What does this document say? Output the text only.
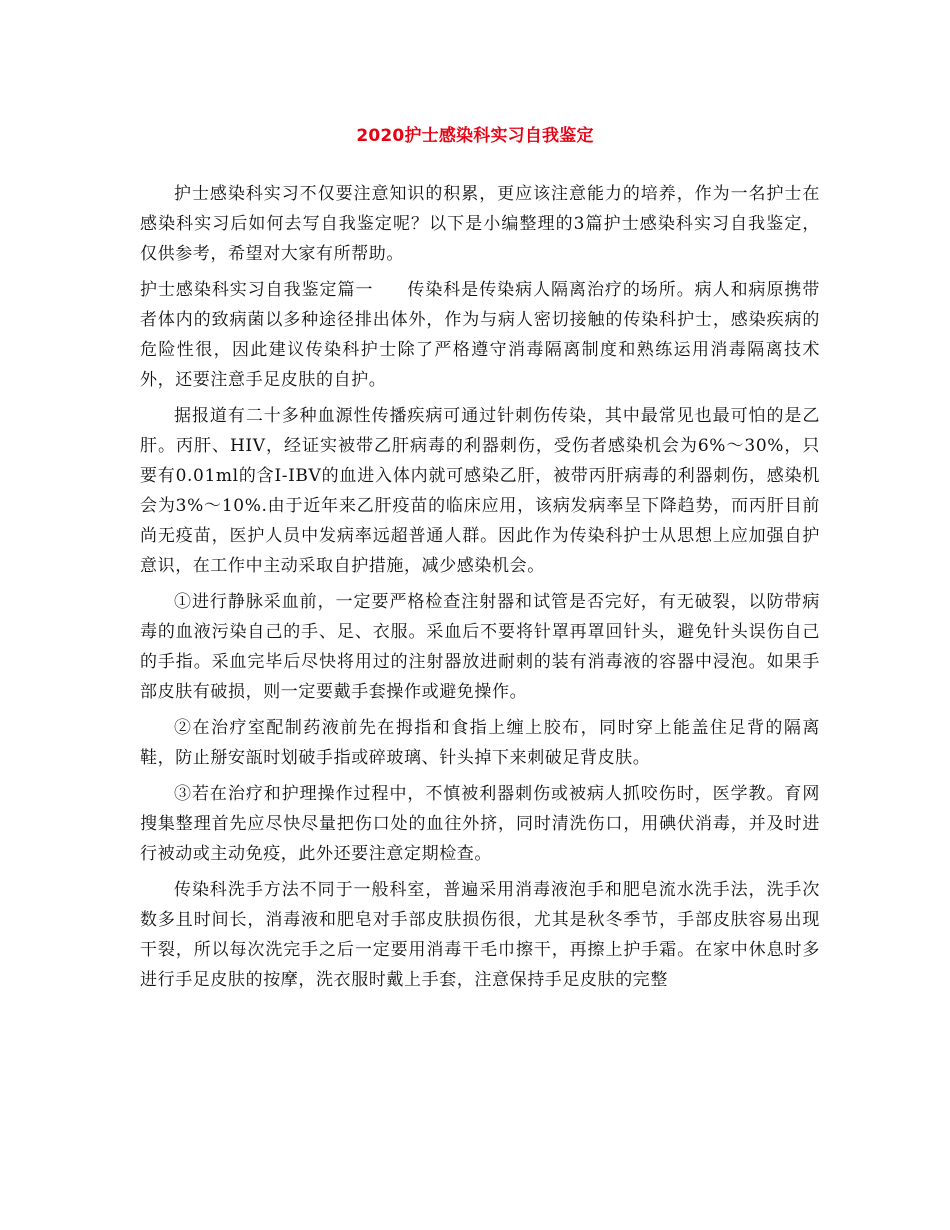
2020护士感染科实习自我鉴定

护士感染科实习不仅要注意知识的积累，更应该注意能力的培养，作为一名护士在感染科实习后如何去写自我鉴定呢？以下是小编整理的3篇护士感染科实习自我鉴定，仅供参考，希望对大家有所帮助。

护士感染科实习自我鉴定篇一 传染科是传染病人隔离治疗的场所。病人和病原携带者体内的致病菌以多种途径排出体外，作为与病人密切接触的传染科护士，感染疾病的危险性很，因此建议传染科护士除了严格遵守消毒隔离制度和熟练运用消毒隔离技术外，还要注意手足皮肤的自护。

据报道有二十多种血源性传播疾病可通过针刺伤传染，其中最常见也最可怕的是乙肝。丙肝、HIV，经证实被带乙肝病毒的利器刺伤，受伤者感染机会为6%～30%，只要有0.01ml的含I-IBV的血进入体内就可感染乙肝，被带丙肝病毒的利器刺伤，感染机会为3%～10%.由于近年来乙肝疫苗的临床应用，该病发病率呈下降趋势，而丙肝目前尚无疫苗，医护人员中发病率远超普通人群。因此作为传染科护士从思想上应加强自护意识，在工作中主动采取自护措施，减少感染机会。

①进行静脉采血前，一定要严格检查注射器和试管是否完好，有无破裂，以防带病毒的血液污染自己的手、足、衣服。采血后不要将针罩再罩回针头，避免针头误伤自己的手指。采血完毕后尽快将用过的注射器放进耐刺的装有消毒液的容器中浸泡。如果手部皮肤有破损，则一定要戴手套操作或避免操作。

②在治疗室配制药液前先在拇指和食指上缠上胶布，同时穿上能盖住足背的隔离鞋，防止掰安瓿时划破手指或碎玻璃、针头掉下来刺破足背皮肤。

③若在治疗和护理操作过程中，不慎被利器刺伤或被病人抓咬伤时，医学教。育网搜集整理首先应尽快尽量把伤口处的血往外挤，同时清洗伤口，用碘伏消毒，并及时进行被动或主动免疫，此外还要注意定期检查。

传染科洗手方法不同于一般科室，普遍采用消毒液泡手和肥皂流水洗手法，洗手次数多且时间长，消毒液和肥皂对手部皮肤损伤很，尤其是秋冬季节，手部皮肤容易出现干裂，所以每次洗完手之后一定要用消毒干毛巾擦干，再擦上护手霜。在家中休息时多进行手足皮肤的按摩，洗衣服时戴上手套，注意保持手足皮肤的完整
